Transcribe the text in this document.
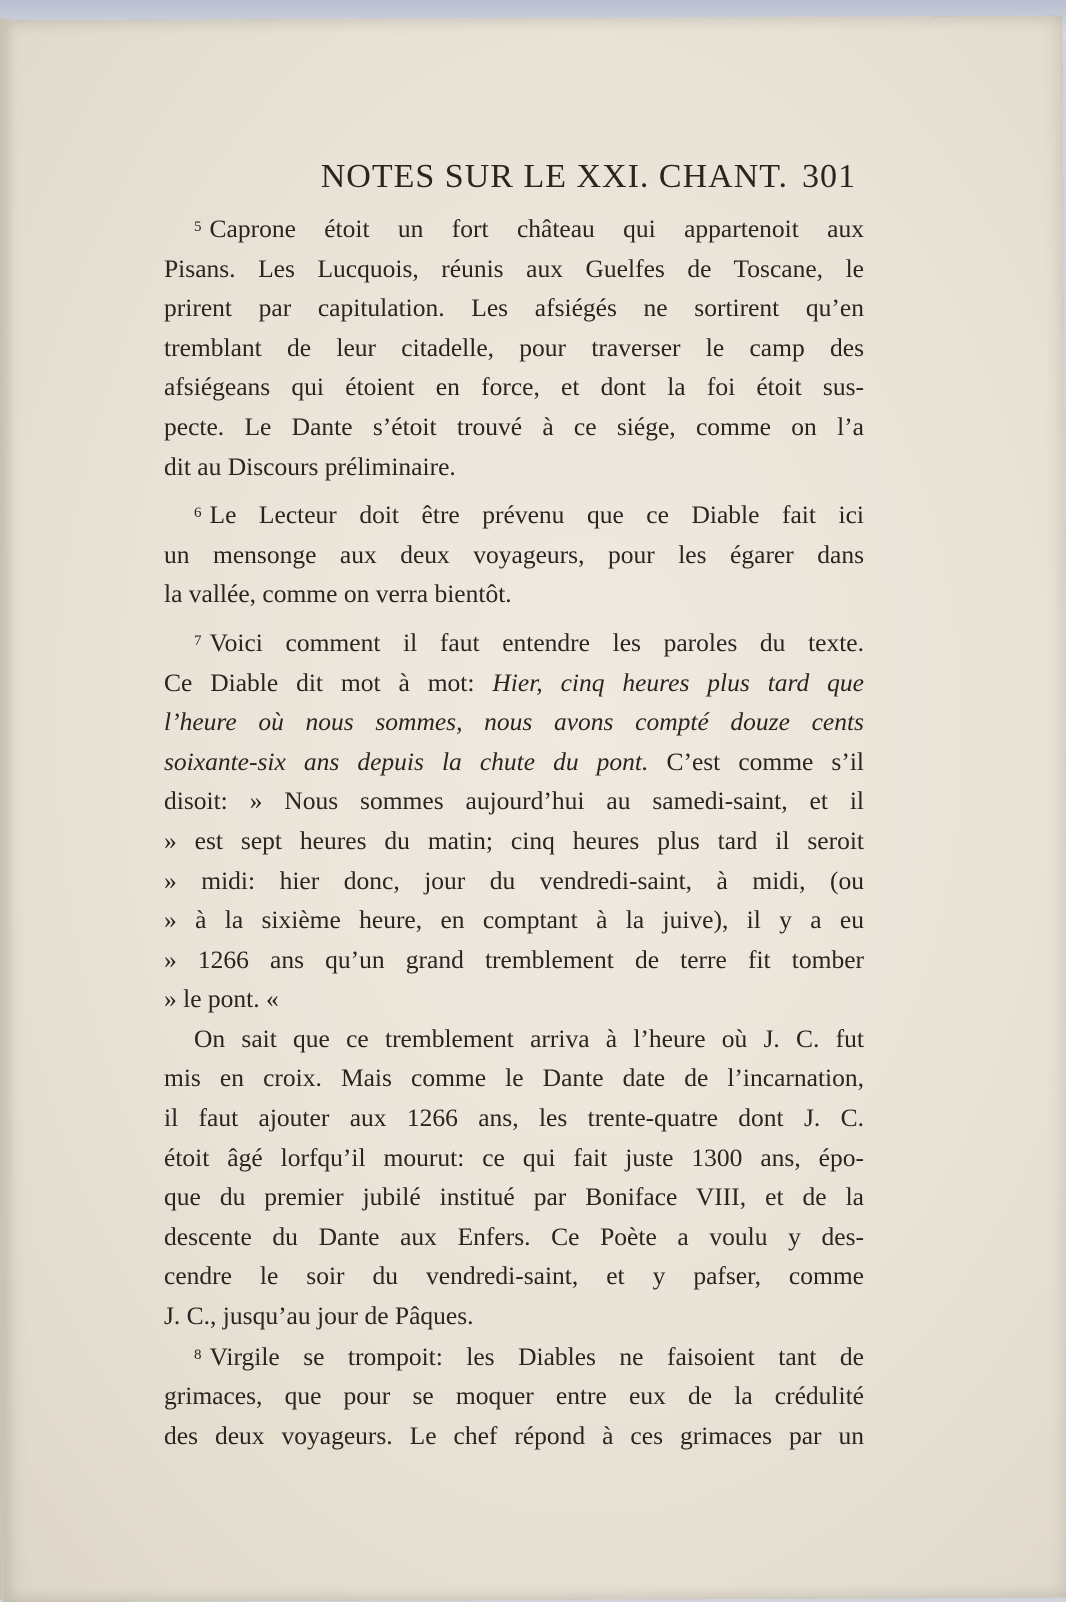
NOTES SUR LE XXI. CHANT. 301
$^5$ Caprone étoit un fort château qui appartenoit aux
Pisans. Les Lucquois, réunis aux Guelfes de Toscane, le
prirent par capitulation. Les afsiégés ne sortirent qu’en
tremblant de leur citadelle, pour traverser le camp des
afsiégeans qui étoient en force, et dont la foi étoit sus-
pecte. Le Dante s’étoit trouvé à ce siége, comme on l’a
dit au Discours préliminaire.
$^6$ Le Lecteur doit être prévenu que ce Diable fait ici
un mensonge aux deux voyageurs, pour les égarer dans
la vallée, comme on verra bientôt.
$^7$ Voici comment il faut entendre les paroles du texte.
Ce Diable dit mot à mot: Hier, cinq heures plus tard que
l’heure où nous sommes, nous avons compté douze cents
soixante-six ans depuis la chute du pont. C’est comme s’il
disoit: » Nous sommes aujourd’hui au samedi-saint, et il
» est sept heures du matin; cinq heures plus tard il seroit
» midi: hier donc, jour du vendredi-saint, à midi, (ou
» à la sixième heure, en comptant à la juive), il y a eu
» 1266 ans qu’un grand tremblement de terre fit tomber
» le pont. «
On sait que ce tremblement arriva à l’heure où J. C. fut
mis en croix. Mais comme le Dante date de l’incarnation,
il faut ajouter aux 1266 ans, les trente-quatre dont J. C.
étoit âgé lorfqu’il mourut: ce qui fait juste 1300 ans, épo-
que du premier jubilé institué par Boniface VIII, et de la
descente du Dante aux Enfers. Ce Poète a voulu y des-
cendre le soir du vendredi-saint, et y pafser, comme
J. C., jusqu’au jour de Pâques.
$^8$ Virgile se trompoit: les Diables ne faisoient tant de
grimaces, que pour se moquer entre eux de la crédulité
des deux voyageurs. Le chef répond à ces grimaces par un
